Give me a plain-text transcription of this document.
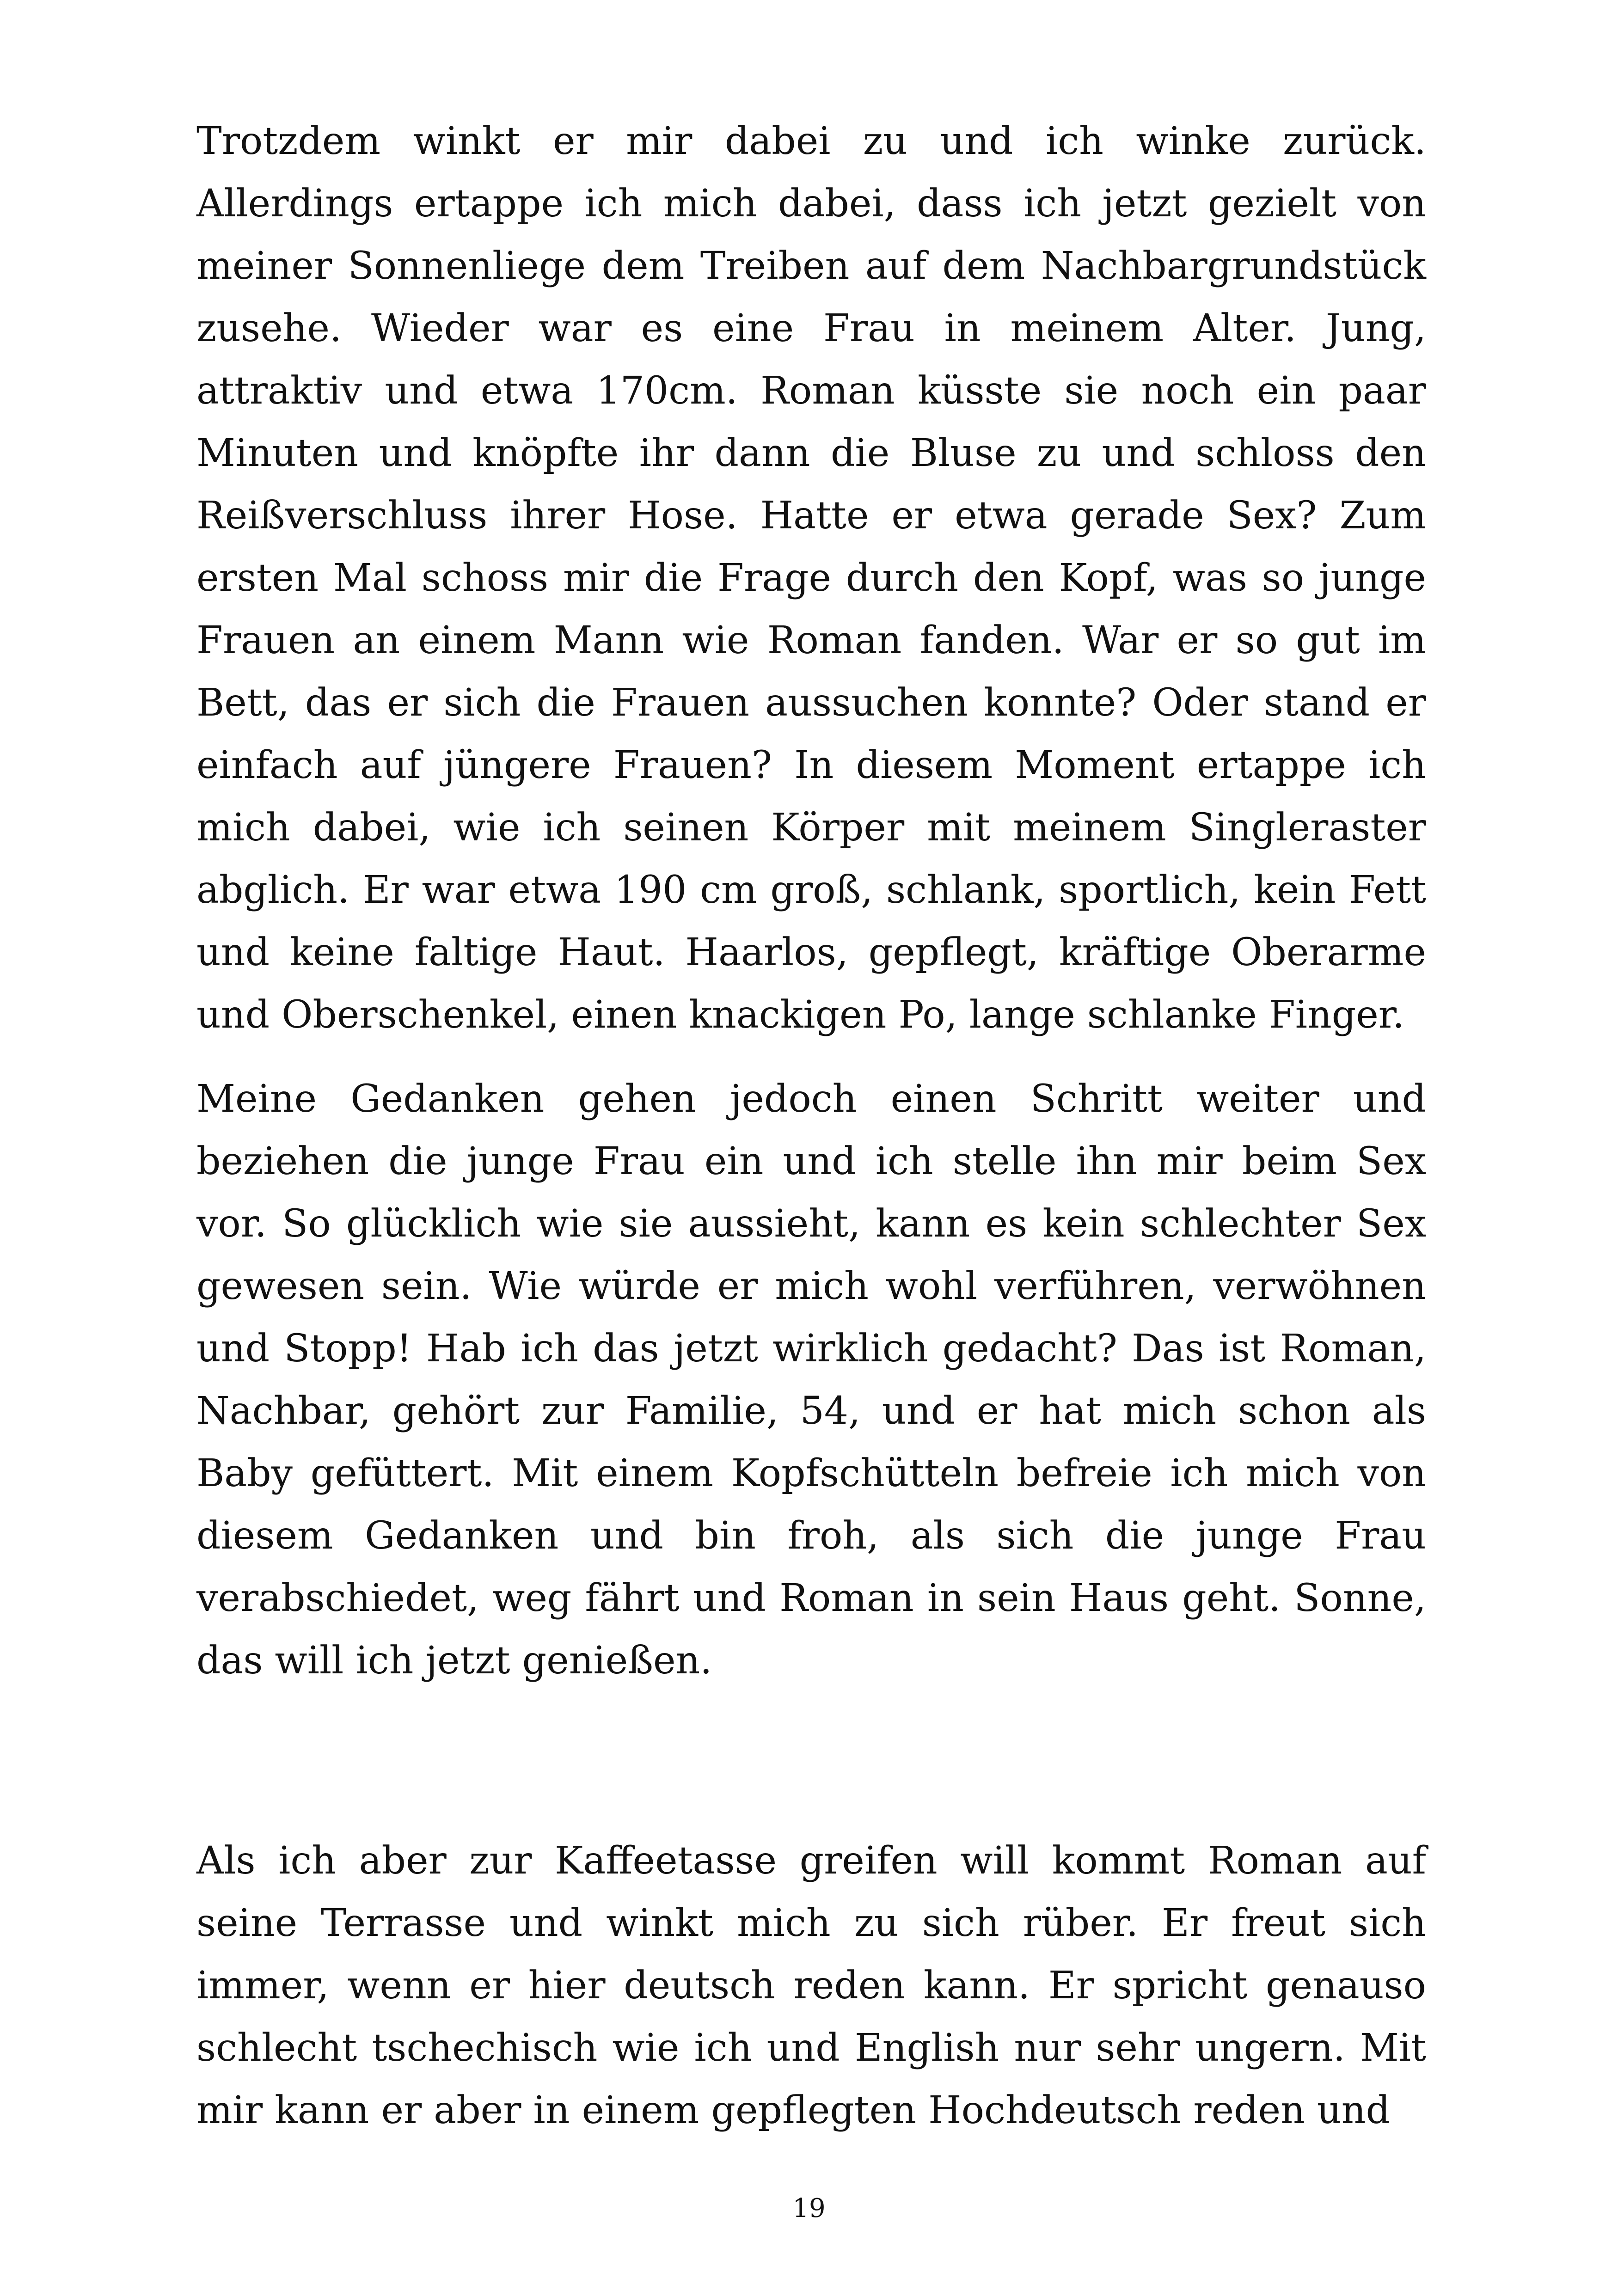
Trotzdem winkt er mir dabei zu und ich winke zurück. Allerdings ertappe ich mich dabei, dass ich jetzt gezielt von meiner Sonnenliege dem Treiben auf dem Nachbargrundstück zusehe. Wieder war es eine Frau in meinem Alter. Jung, attraktiv und etwa 170cm. Roman küsste sie noch ein paar Minuten und knöpfte ihr dann die Bluse zu und schloss den Reißverschluss ihrer Hose. Hatte er etwa gerade Sex? Zum ersten Mal schoss mir die Frage durch den Kopf, was so junge Frauen an einem Mann wie Roman fanden. War er so gut im Bett, das er sich die Frauen aussuchen konnte? Oder stand er einfach auf jüngere Frauen? In diesem Moment ertappe ich mich dabei, wie ich seinen Körper mit meinem Singleraster abglich. Er war etwa 190 cm groß, schlank, sportlich, kein Fett und keine faltige Haut. Haarlos, gepflegt, kräftige Oberarme und Oberschenkel, einen knackigen Po, lange schlanke Finger.

Meine Gedanken gehen jedoch einen Schritt weiter und beziehen die junge Frau ein und ich stelle ihn mir beim Sex vor. So glücklich wie sie aussieht, kann es kein schlechter Sex gewesen sein. Wie würde er mich wohl verführen, verwöhnen und Stopp! Hab ich das jetzt wirklich gedacht? Das ist Roman, Nachbar, gehört zur Familie, 54, und er hat mich schon als Baby gefüttert. Mit einem Kopfschütteln befreie ich mich von diesem Gedanken und bin froh, als sich die junge Frau verabschiedet, weg fährt und Roman in sein Haus geht. Sonne, das will ich jetzt genießen.

Als ich aber zur Kaffeetasse greifen will kommt Roman auf seine Terrasse und winkt mich zu sich rüber. Er freut sich immer, wenn er hier deutsch reden kann. Er spricht genauso schlecht tschechisch wie ich und English nur sehr ungern. Mit mir kann er aber in einem gepflegten Hochdeutsch reden und

19
